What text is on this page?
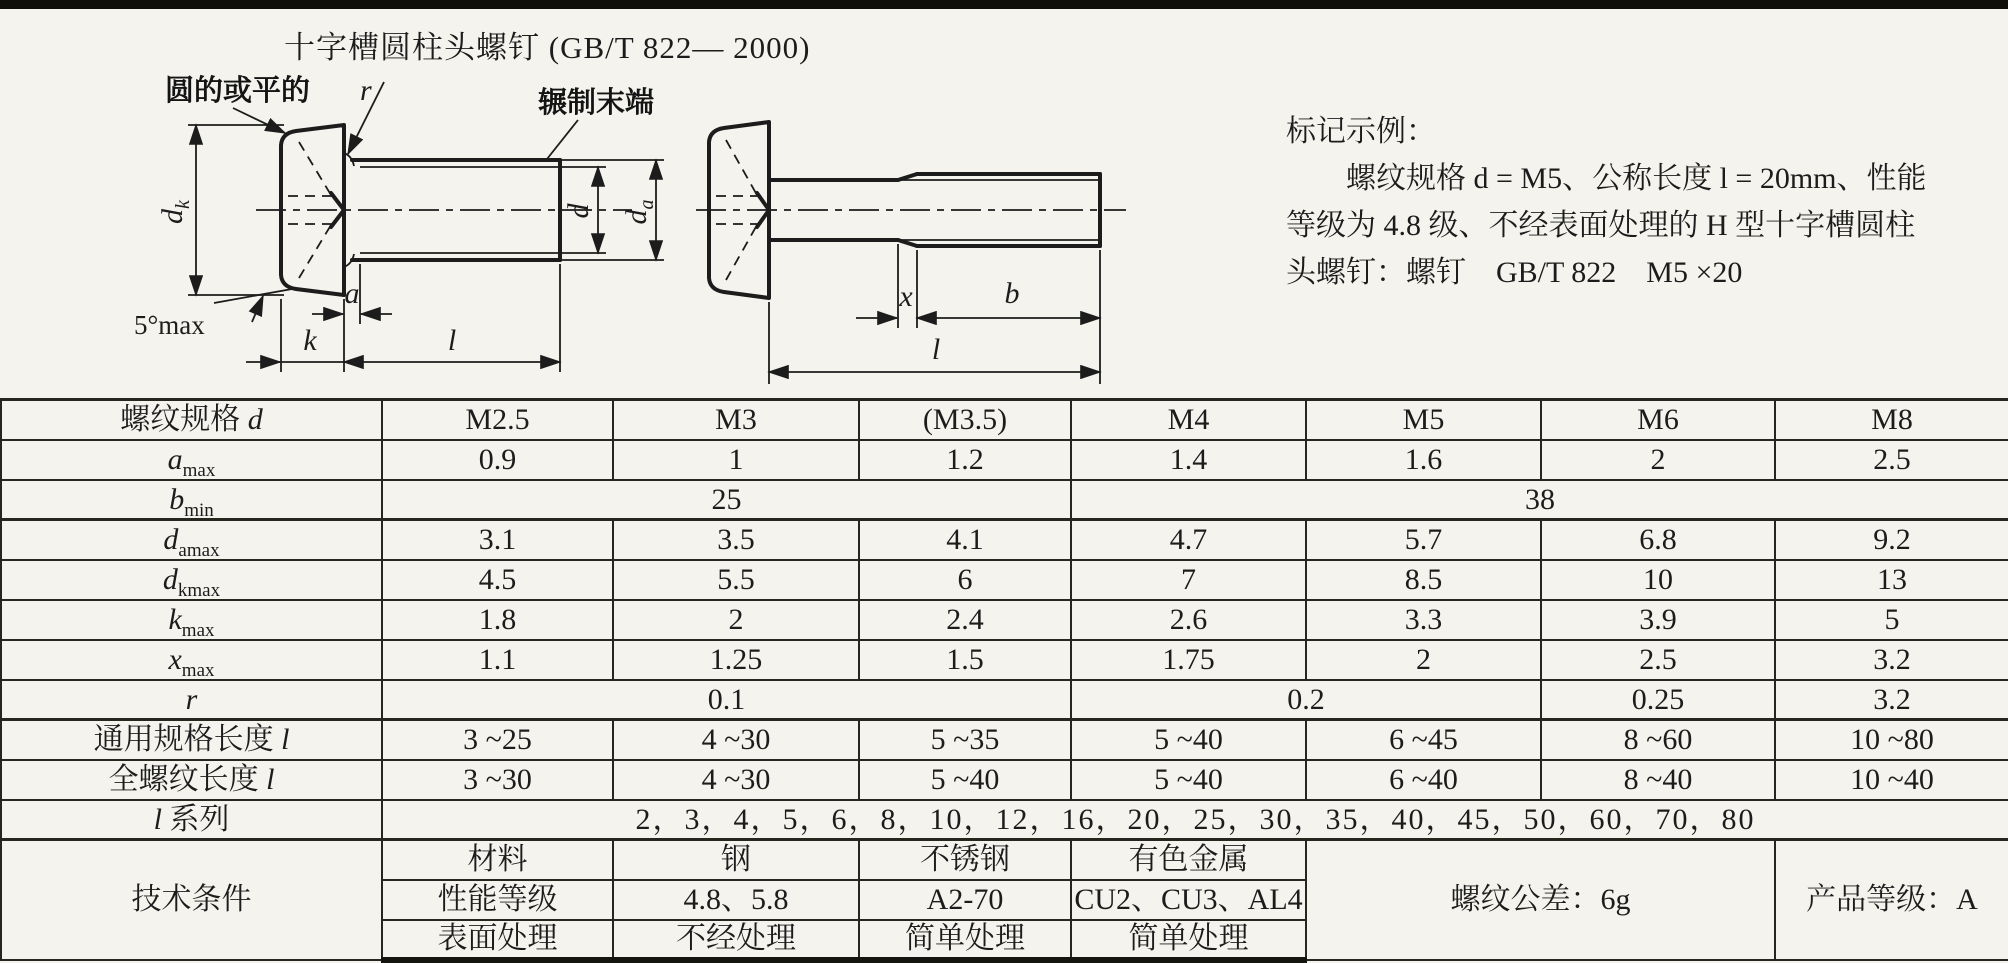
十字槽圆柱头螺钉 (GB/T 822— 2000)
$d_k$
5°max
a
k	l
d $d_a$
圆的或平的 r	辗制末端
x	b
l
标记示例：
螺纹规格 d = M5、公称长度 l = 20mm、性能
等级为 4.8 级、不经表面处理的 H 型十字槽圆柱
头螺钉：螺钉　GB/T 822　M5 ×20
螺纹规格 d	M2.5	M3	(M3.5)	M4	M5	M6	M8
$a_{max}$	0.9	1	1.2	1.4	1.6	2	2.5
$b_{min}$	25			38			
$d_{amax}$	3.1	3.5	4.1	4.7	5.7	6.8	9.2
$d_{kmax}$	4.5	5.5	6	7	8.5	10	13
$k_{max}$	1.8	2	2.4	2.6	3.3	3.9	5
$x_{max}$	1.1	1.25	1.5	1.75	2	2.5	3.2
r	0.1			0.2		0.25	3.2
通用规格长度 l	3 ~25	4 ~30	5 ~35	5 ~40	6 ~45	8 ~60	10 ~80
全螺纹长度 l	3 ~30	4 ~30	5 ~40	5 ~40	6 ~40	8 ~40	10 ~40
l 系列	2，3，4，5，6，8，10，12，16，20，25，30，35，40，45，50，60，70，80						
技术条件	材料	钢	不锈钢	有色金属	螺纹公差：6g		产品等级：A
	性能等级	4.8、5.8	A2-70	CU2、CU3、AL4			
	表面处理	不经处理	简单处理	简单处理			
